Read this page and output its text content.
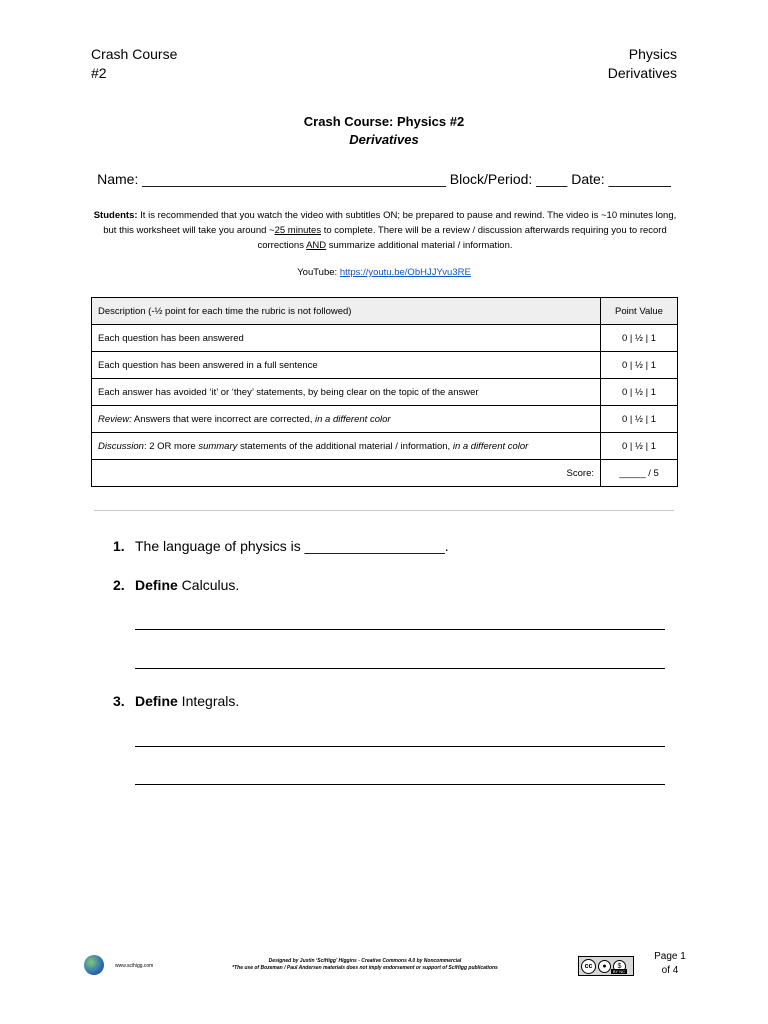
Crash Course
#2
Physics
Derivatives
Crash Course: Physics #2
Derivatives
Name: _______________________________________ Block/Period: ____ Date: ________
Students: It is recommended that you watch the video with subtitles ON; be prepared to pause and rewind. The video is ~10 minutes long, but this worksheet will take you around ~25 minutes to complete. There will be a review / discussion afterwards requiring you to record corrections AND summarize additional material / information.
YouTube: https://youtu.be/ObHJJYvu3RE
Description (-½ point for each time the rubric is not followed)	Point Value
Each question has been answered	0 | ½ | 1
Each question has been answered in a full sentence	0 | ½ | 1
Each answer has avoided ‘it’ or ‘they’ statements, by being clear on the topic of the answer	0 | ½ | 1
Review: Answers that were incorrect are corrected, in a different color	0 | ½ | 1
Discussion: 2 OR more summary statements of the additional material / information, in a different color	0 | ½ | 1
Score:	_____ / 5
1. The language of physics is __________________.
2. Define Calculus.
3. Define Integrals.
www.scihigg.com
Designed by Justin ‘SciHigg’ Higgins - Creative Commons 4.0 by Noncommercial
*The use of Bozeman / Paul Andersen materials does not imply endorsement or support of SciHigg publications	cc	●	$
BY NC
Page 1
of 4
